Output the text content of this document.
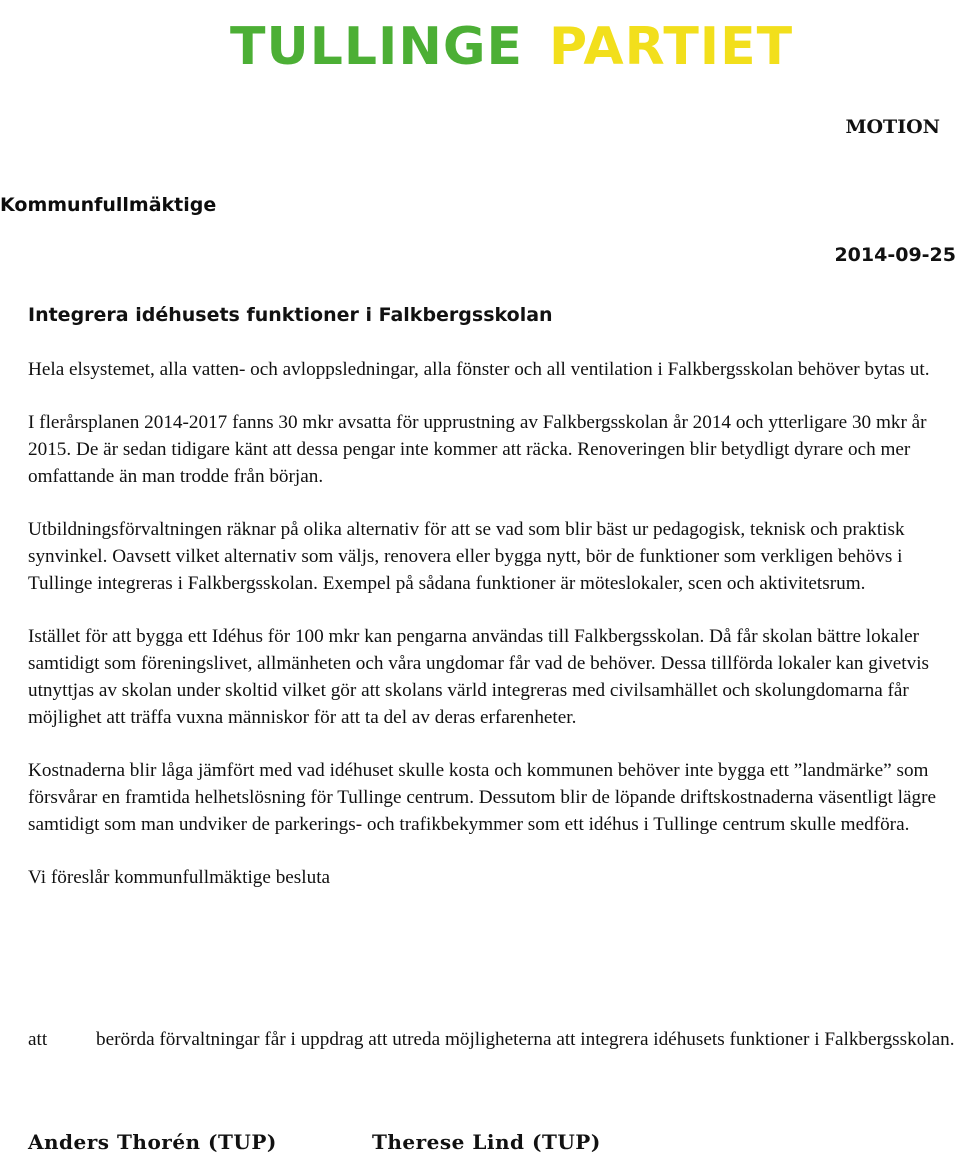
TULLINGE PARTIET
MOTION
Kommunfullmäktige
2014-09-25
Integrera idéhusets funktioner i Falkbergsskolan

Hela elsystemet, alla vatten- och avloppsledningar, alla fönster och all ventilation i Falkbergsskolan behöver bytas ut.

I flerårsplanen 2014-2017 fanns 30 mkr avsatta för upprustning av Falkbergsskolan år 2014 och ytterligare 30 mkr år 2015. De är sedan tidigare känt att dessa pengar inte kommer att räcka. Renoveringen blir betydligt dyrare och mer omfattande än man trodde från början.

Utbildningsförvaltningen räknar på olika alternativ för att se vad som blir bäst ur pedagogisk, teknisk och praktisk synvinkel. Oavsett vilket alternativ som väljs, renovera eller bygga nytt, bör de funktioner som verkligen behövs i Tullinge integreras i Falkbergsskolan. Exempel på sådana funktioner är möteslokaler, scen och aktivitetsrum.

Istället för att bygga ett Idéhus för 100 mkr kan pengarna användas till Falkbergsskolan. Då får skolan bättre lokaler samtidigt som föreningslivet, allmänheten och våra ungdomar får vad de behöver. Dessa tillförda lokaler kan givetvis utnyttjas av skolan under skoltid vilket gör att skolans värld integreras med civilsamhället och skolungdomarna får möjlighet att träffa vuxna människor för att ta del av deras erfarenheter.

Kostnaderna blir låga jämfört med vad idéhuset skulle kosta och kommunen behöver inte bygga ett ”landmärke” som försvårar en framtida helhetslösning för Tullinge centrum. Dessutom blir de löpande driftskostnaderna väsentligt lägre samtidigt som man undviker de parkerings- och trafikbekymmer som ett idéhus i Tullinge centrum skulle medföra.

Vi föreslår kommunfullmäktige besluta

att	berörda förvaltningar får i uppdrag att utreda möjligheterna att integrera idéhusets funktioner i Falkbergsskolan.
Anders Thorén (TUP)	Therese Lind (TUP)
